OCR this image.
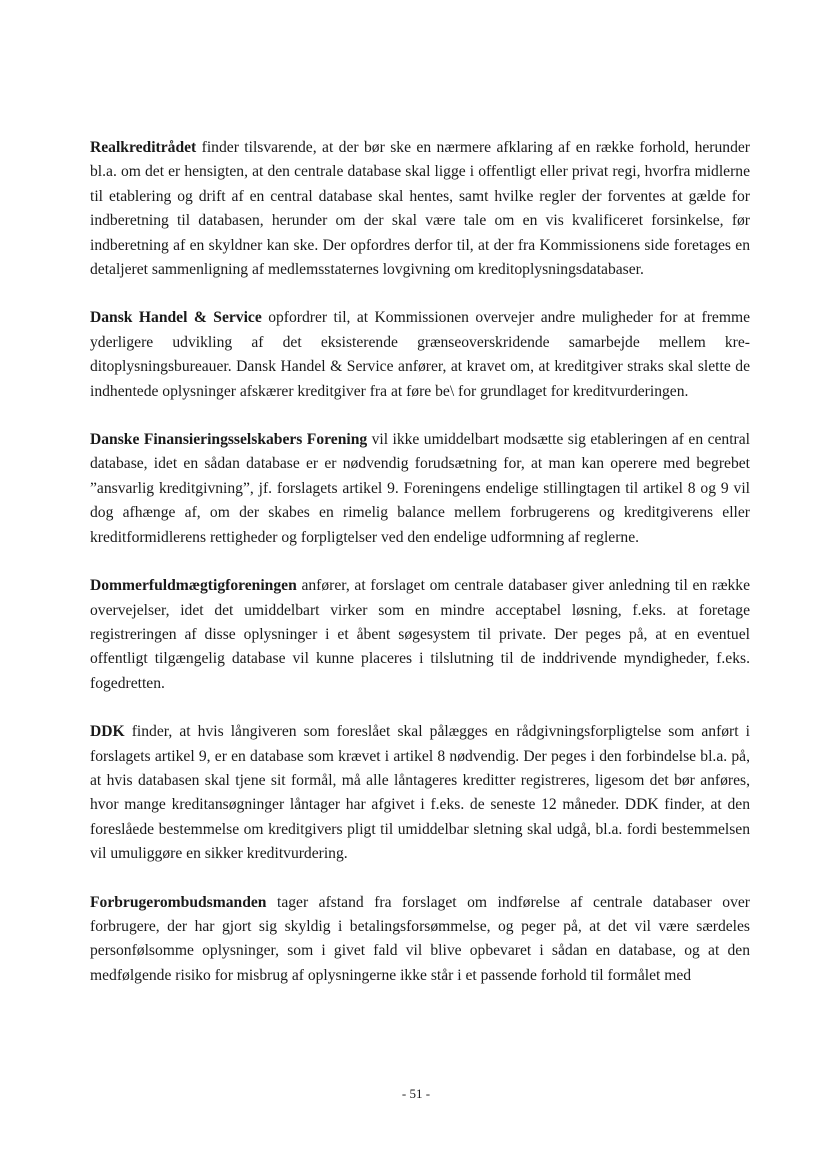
Realkreditrådet finder tilsvarende, at der bør ske en nærmere afklaring af en række forhold, herunder bl.a. om det er hensigten, at den centrale database skal ligge i offentligt eller privat regi, hvorfra midlerne til etablering og drift af en central database skal hentes, samt hvilke regler der forventes at gælde for indberetning til databasen, herunder om der skal være tale om en vis kvalificeret forsinkelse, før indberetning af en skyldner kan ske. Der opfordres derfor til, at der fra Kommissionens side foretages en detaljeret sammenligning af medlemsstaternes lovgivning om kreditoplysningsdatabaser.

Dansk Handel & Service opfordrer til, at Kommissionen overvejer andre muligheder for at fremme yderligere udvikling af det eksisterende grænseoverskridende samarbejde mellem kreditoplysningsbureauer. Dansk Handel & Service anfører, at kravet om, at kreditgiver straks skal slette de indhentede oplysninger afskærer kreditgiver fra at føre be\ for grundlaget for kreditvurderingen.

Danske Finansieringsselskabers Forening vil ikke umiddelbart modsætte sig etableringen af en central database, idet en sådan database er er nødvendig forudsætning for, at man kan operere med begrebet ”ansvarlig kreditgivning”, jf. forslagets artikel 9. Foreningens endelige stillingtagen til artikel 8 og 9 vil dog afhænge af, om der skabes en rimelig balance mellem forbrugerens og kreditgiverens eller kreditformidlerens rettigheder og forpligtelser ved den endelige udformning af reglerne.

Dommerfuldmægtigforeningen anfører, at forslaget om centrale databaser giver anledning til en række overvejelser, idet det umiddelbart virker som en mindre acceptabel løsning, f.eks. at foretage registreringen af disse oplysninger i et åbent søgesystem til private. Der peges på, at en eventuel offentligt tilgængelig database vil kunne placeres i tilslutning til de inddrivende myndigheder, f.eks. fogedretten.

DDK finder, at hvis långiveren som foreslået skal pålægges en rådgivningsforpligtelse som anført i forslagets artikel 9, er en database som krævet i artikel 8 nødvendig. Der peges i den forbindelse bl.a. på, at hvis databasen skal tjene sit formål, må alle låntageres kreditter registreres, ligesom det bør anføres, hvor mange kreditansøgninger låntager har afgivet i f.eks. de seneste 12 måneder. DDK finder, at den foreslåede bestemmelse om kreditgivers pligt til umiddelbar sletning skal udgå, bl.a. fordi bestemmelsen vil umuliggøre en sikker kreditvurdering.

Forbrugerombudsmanden tager afstand fra forslaget om indførelse af centrale databaser over forbrugere, der har gjort sig skyldig i betalingsforsømmelse, og peger på, at det vil være særdeles personfølsomme oplysninger, som i givet fald vil blive opbevaret i sådan en database, og at den medfølgende risiko for misbrug af oplysningerne ikke står i et passende forhold til formålet med

- 51 -
